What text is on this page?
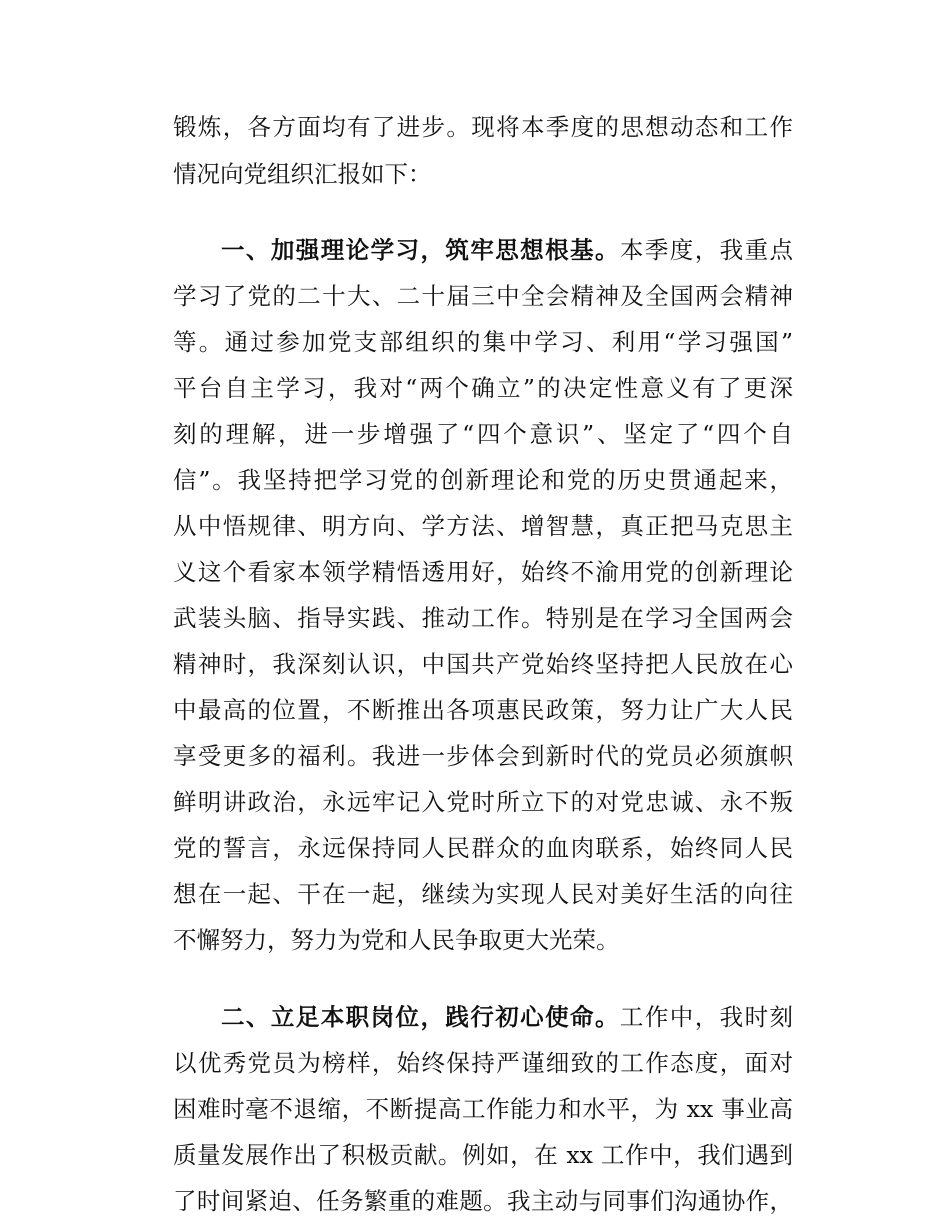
锻炼，各方面均有了进步。现将本季度的思想动态和工作
情况向党组织汇报如下：
一、加强理论学习，筑牢思想根基。本季度，我重点
学习了党的二十大、二十届三中全会精神及全国两会精神
等。通过参加党支部组织的集中学习、利用“学习强国”
平台自主学习，我对“两个确立”的决定性意义有了更深
刻的理解，进一步增强了“四个意识”、坚定了“四个自
信”。我坚持把学习党的创新理论和党的历史贯通起来，
从中悟规律、明方向、学方法、增智慧，真正把马克思主
义这个看家本领学精悟透用好，始终不渝用党的创新理论
武装头脑、指导实践、推动工作。特别是在学习全国两会
精神时，我深刻认识，中国共产党始终坚持把人民放在心
中最高的位置，不断推出各项惠民政策，努力让广大人民
享受更多的福利。我进一步体会到新时代的党员必须旗帜
鲜明讲政治，永远牢记入党时所立下的对党忠诚、永不叛
党的誓言，永远保持同人民群众的血肉联系，始终同人民
想在一起、干在一起，继续为实现人民对美好生活的向往
不懈努力，努力为党和人民争取更大光荣。
二、立足本职岗位，践行初心使命。工作中，我时刻
以优秀党员为榜样，始终保持严谨细致的工作态度，面对
困难时毫不退缩，不断提高工作能力和水平，为 xx 事业高
质量发展作出了积极贡献。例如，在 xx 工作中，我们遇到
了时间紧迫、任务繁重的难题。我主动与同事们沟通协作，
